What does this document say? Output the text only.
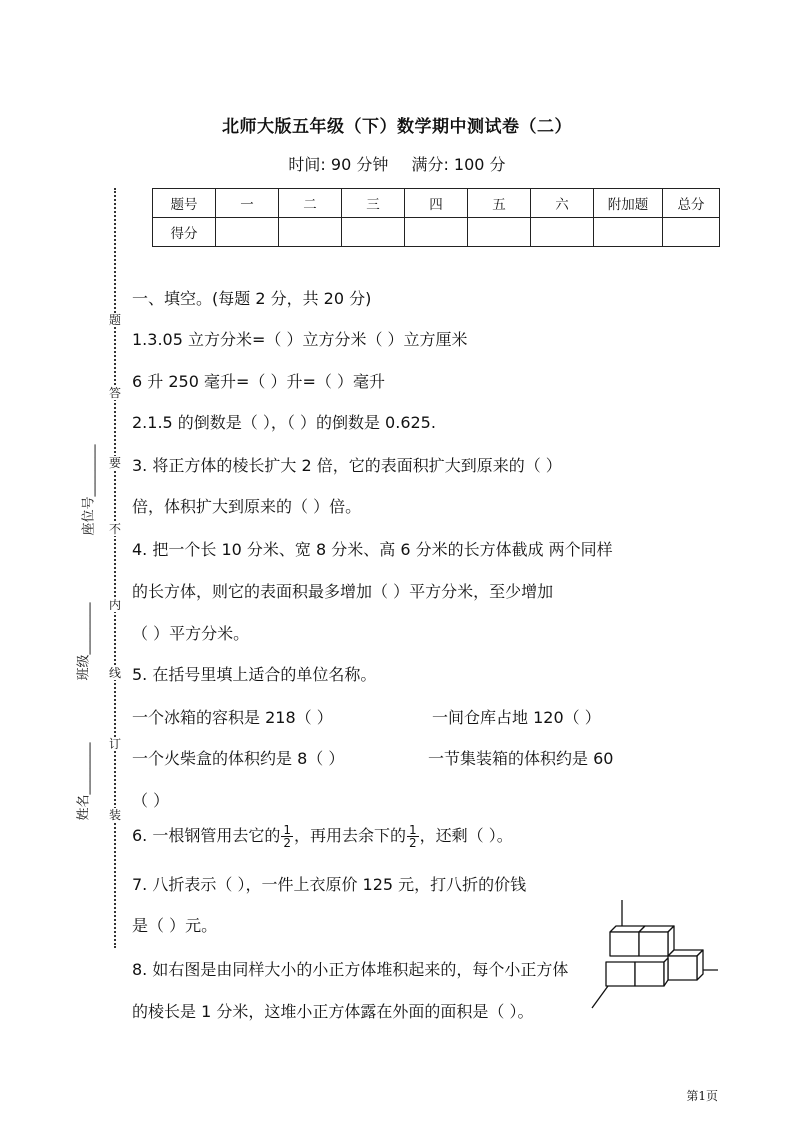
北师大版五年级（下）数学期中测试卷（二）
时间: 90 分钟 满分: 100 分
题号	一	二	三	四	五	六	附加题	总分
得分								
题
答
要
不
内
线
订
装
座位号________
班级________
姓名________
一、填空。(每题 2 分，共 20 分)
1.3.05 立方分米=（ ）立方分米（ ）立方厘米
6 升 250 毫升=（ ）升=（ ）毫升
2.1.5 的倒数是（ ），（ ）的倒数是 0.625.
3. 将正方体的棱长扩大 2 倍，它的表面积扩大到原来的（ ）
倍，体积扩大到原来的（ ）倍。
4. 把一个长 10 分米、宽 8 分米、高 6 分米的长方体截成 两个同样
的长方体，则它的表面积最多增加（ ）平方分米，至少增加
（ ）平方分米。
5. 在括号里填上适合的单位名称。
一个冰箱的容积是 218（ ）	一间仓库占地 120（ ）
一个火柴盒的体积约是 8（ ）	一节集装箱的体积约是 60
（ ）
6. 一根钢管用去它的 $\frac{1}{2}$ ，再用去余下的 $\frac{1}{2}$ ，还剩（ ）。
7. 八折表示（ ），一件上衣原价 125 元，打八折的价钱
是（ ）元。
8. 如右图是由同样大小的小正方体堆积起来的，每个小正方体
的棱长是 1 分米，这堆小正方体露在外面的面积是（ ）。
第1页
